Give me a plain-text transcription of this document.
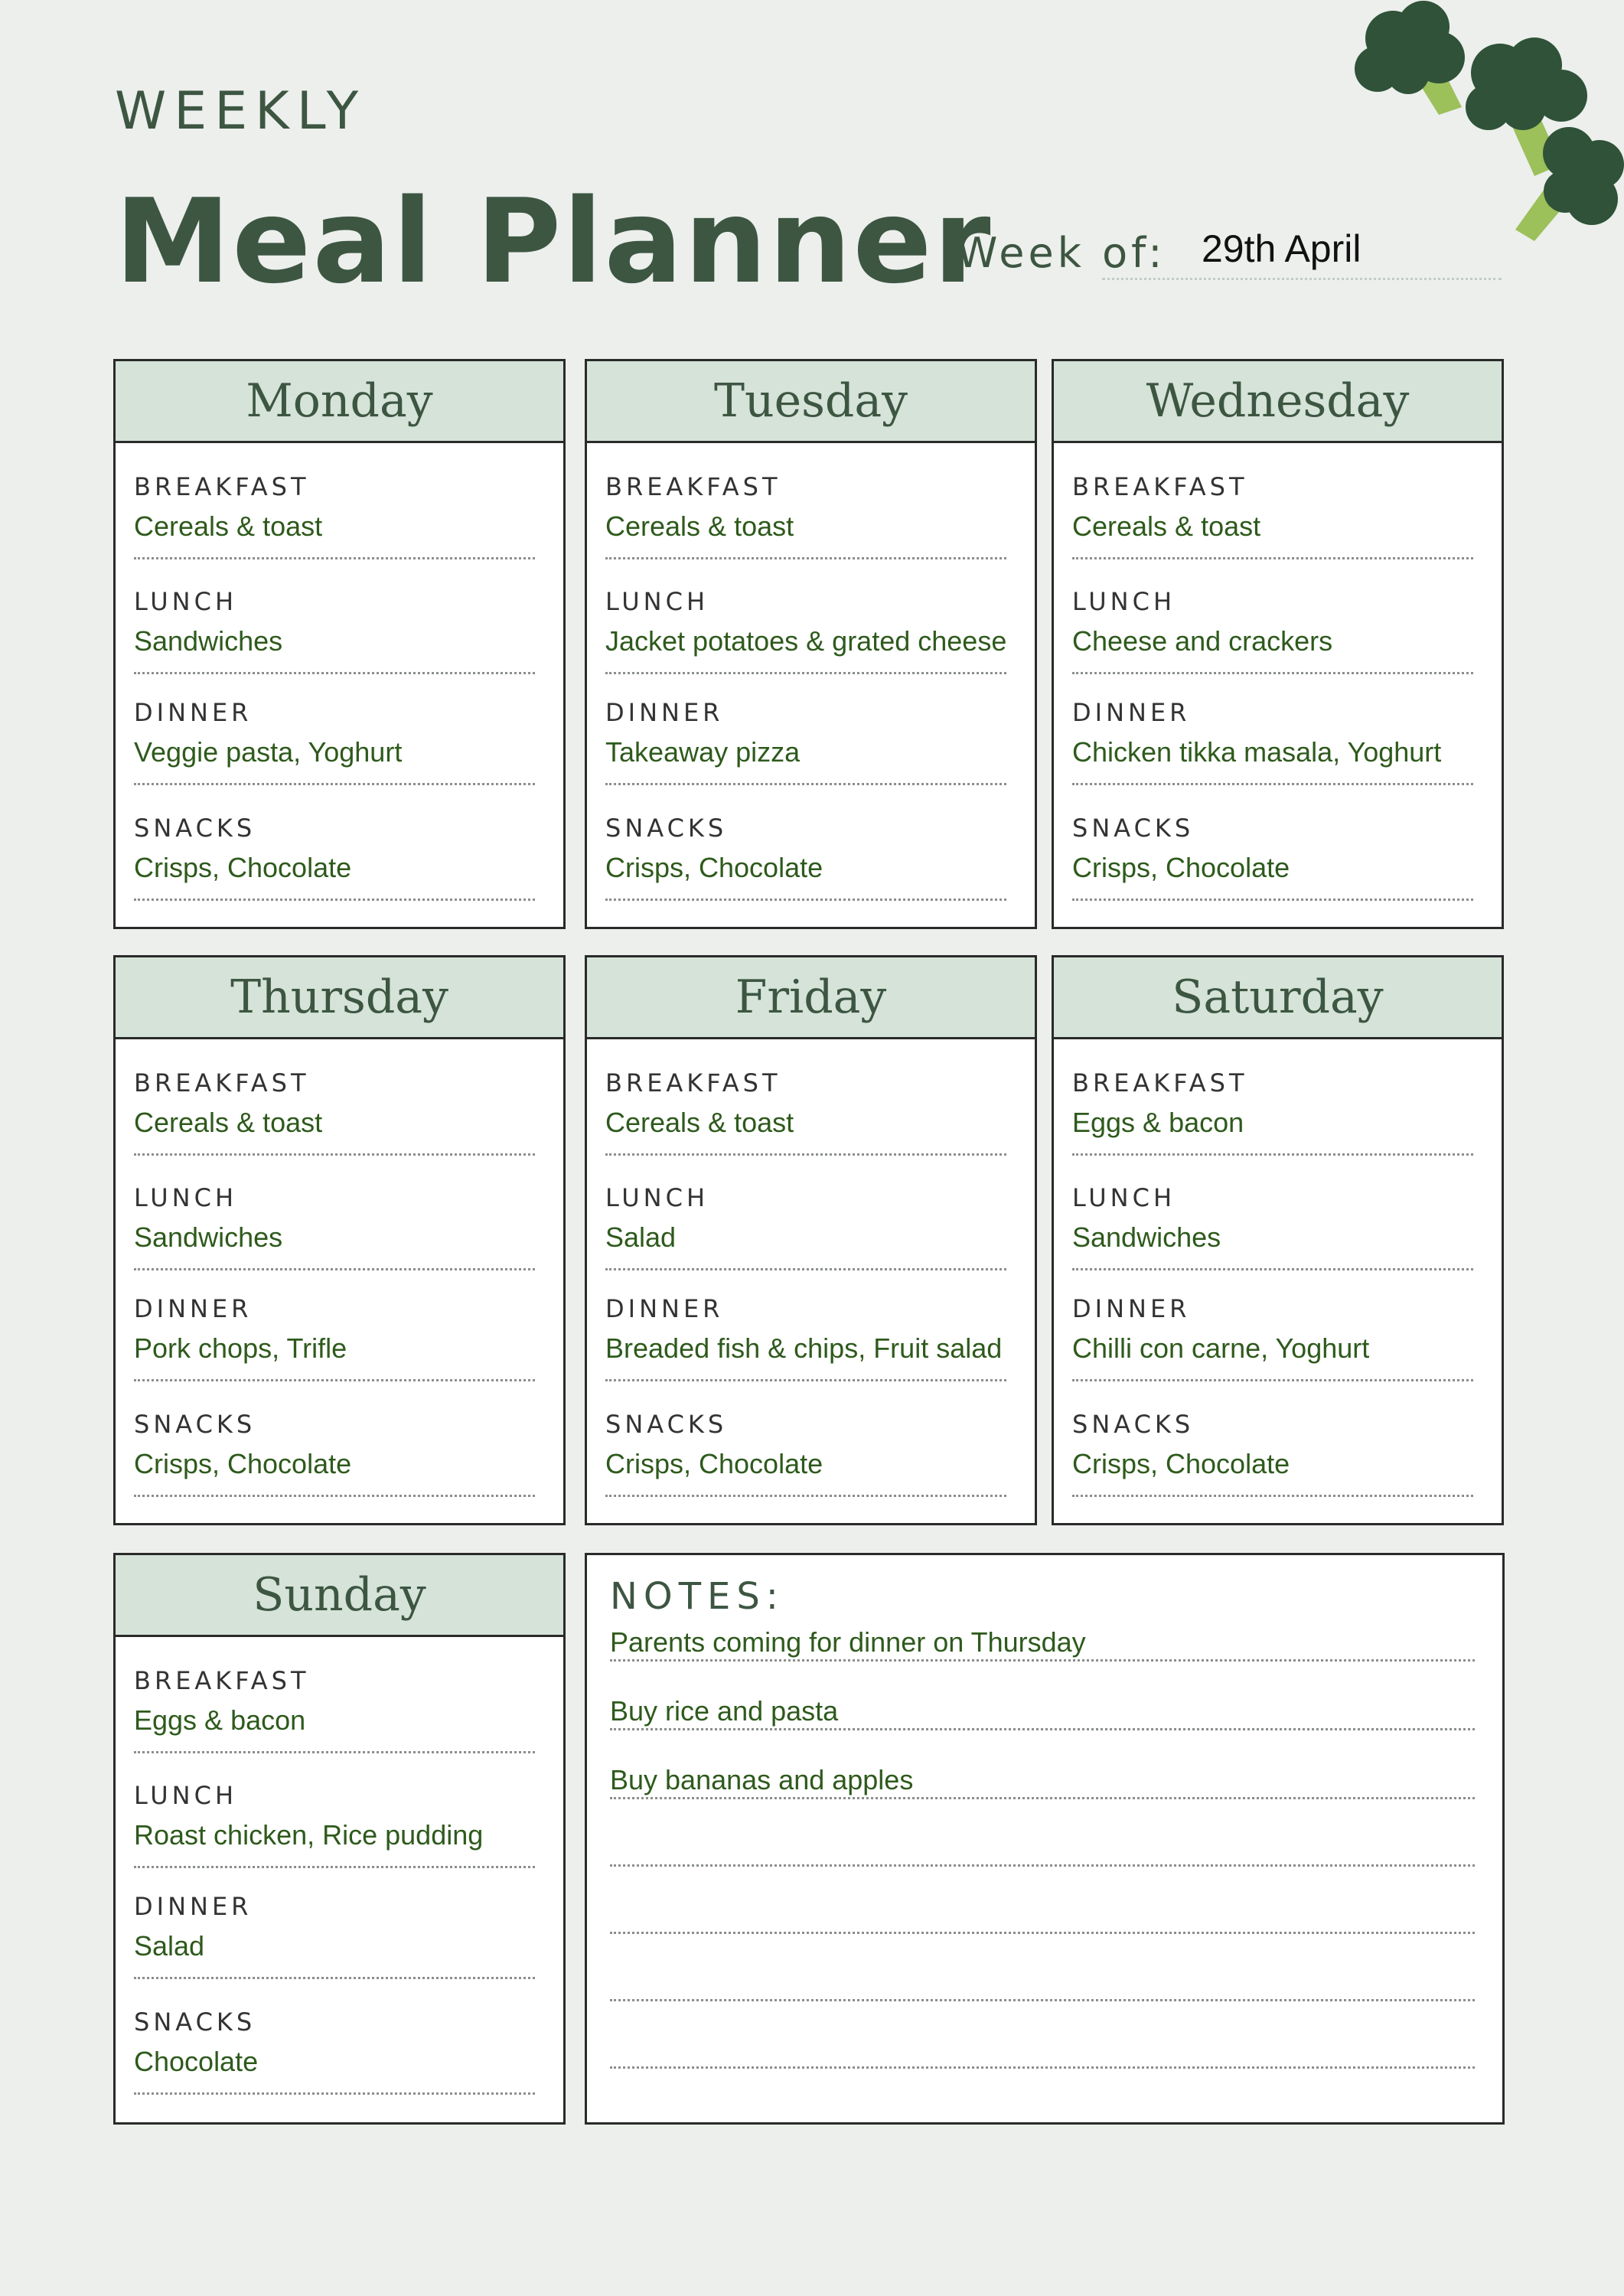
WEEKLY
Meal Planner
Week of: 29th April
Monday
BREAKFAST
Cereals & toast
LUNCH
Sandwiches
DINNER
Veggie pasta, Yoghurt
SNACKS
Crisps, Chocolate
Tuesday
BREAKFAST
Cereals & toast
LUNCH
Jacket potatoes & grated cheese
DINNER
Takeaway pizza
SNACKS
Crisps, Chocolate
Wednesday
BREAKFAST
Cereals & toast
LUNCH
Cheese and crackers
DINNER
Chicken tikka masala, Yoghurt
SNACKS
Crisps, Chocolate
Thursday
BREAKFAST
Cereals & toast
LUNCH
Sandwiches
DINNER
Pork chops, Trifle
SNACKS
Crisps, Chocolate
Friday
BREAKFAST
Cereals & toast
LUNCH
Salad
DINNER
Breaded fish & chips, Fruit salad
SNACKS
Crisps, Chocolate
Saturday
BREAKFAST
Eggs & bacon
LUNCH
Sandwiches
DINNER
Chilli con carne, Yoghurt
SNACKS
Crisps, Chocolate
Sunday
BREAKFAST
Eggs & bacon
LUNCH
Roast chicken, Rice pudding
DINNER
Salad
SNACKS
Chocolate
NOTES:
Parents coming for dinner on Thursday
Buy rice and pasta
Buy bananas and apples
